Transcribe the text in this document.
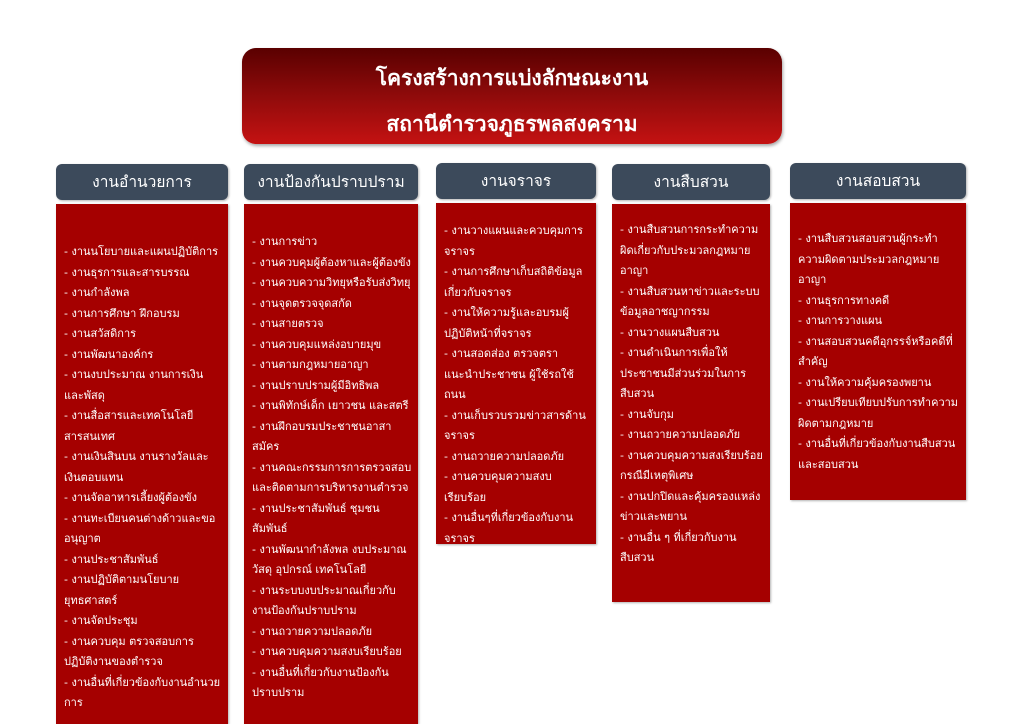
โครงสร้างการแบ่งลักษณะงาน
สถานีตำรวจภูธรพลสงคราม
งานอำนวยการ
- งานนโยบายและแผนปฏิบัติการ
- งานธุรการและสารบรรณ
- งานกำลังพล
- งานการศึกษา ฝึกอบรม
- งานสวัสดิการ
- งานพัฒนาองค์กร
- งานงบประมาณ งานการเงินและพัสดุ
- งานสื่อสารและเทคโนโลยีสารสนเทศ
- งานเงินสินบน งานรางวัลและเงินตอบแทน
- งานจัดอาหารเลี้ยงผู้ต้องขัง
- งานทะเบียนคนต่างด้าวและขออนุญาต
- งานประชาสัมพันธ์
- งานปฏิบัติตามนโยบายยุทธศาสตร์
- งานจัดประชุม
- งานควบคุม ตรวจสอบการปฏิบัติงานของตำรวจ
- งานอื่นที่เกี่ยวข้องกับงานอำนวยการ
งานป้องกันปราบปราม
- งานการข่าว
- งานควบคุมผู้ต้องหาและผู้ต้องขัง
- งานควบความวิทยุหรือรับส่งวิทยุ
- งานจุดตรวจจุดสกัด
- งานสายตรวจ
- งานควบคุมแหล่งอบายมุข
- งานตามกฎหมายอาญา
- งานปราบปรามผู้มีอิทธิพล
- งานพิทักษ์เด็ก เยาวชน และสตรี
- งานฝึกอบรมประชาชนอาสาสมัคร
- งานคณะกรรมการการตรวจสอบและติดตามการบริหารงานตำรวจ
- งานประชาสัมพันธ์ ชุมชนสัมพันธ์
- งานพัฒนากำลังพล งบประมาณ วัสดุ อุปกรณ์ เทคโนโลยี
- งานระบบงบประมาณเกี่ยวกับงานป้องกันปราบปราม
- งานถวายความปลอดภัย
- งานควบคุมความสงบเรียบร้อย
- งานอื่นที่เกี่ยวกับงานป้องกันปราบปราม
งานจราจร
- งานวางแผนและควบคุมการจราจร
- งานการศึกษาเก็บสถิติข้อมูลเกี่ยวกับจราจร
- งานให้ความรู้และอบรมผู้ปฏิบัติหน้าที่จราจร
- งานสอดส่อง ตรวจตรา แนะนำประชาชน ผู้ใช้รถใช้ถนน
- งานเก็บรวบรวมข่าวสารด้านจราจร
- งานถวายความปลอดภัย
- งานควบคุมความสงบเรียบร้อย
- งานอื่นๆที่เกี่ยวข้องกับงานจราจร
งานสืบสวน
- งานสืบสวนการกระทำความผิดเกี่ยวกับประมวลกฎหมายอาญา
- งานสืบสวนหาข่าวและระบบข้อมูลอาชญากรรม
- งานวางแผนสืบสวน
- งานดำเนินการเพื่อให้ประชาชนมีส่วนร่วมในการสืบสวน
- งานจับกุม
- งานถวายความปลอดภัย
- งานควบคุมความสงเรียบร้อยกรณีมีเหตุพิเศษ
- งานปกปิดและคุ้มครองแหล่งข่าวและพยาน
- งานอื่น ๆ ที่เกี่ยวกับงานสืบสวน
งานสอบสวน
- งานสืบสวนสอบสวนผู้กระทำความผิดตามประมวลกฎหมายอาญา
- งานธุรการทางคดี
- งานการวางแผน
- งานสอบสวนคดีอุกรรจ์หรือคดีที่สำคัญ
- งานให้ความคุ้มครองพยาน
- งานเปรียบเทียบปรับการทำความผิดตามกฎหมาย
- งานอื่นที่เกี่ยวข้องกับงานสืบสวนและสอบสวน
